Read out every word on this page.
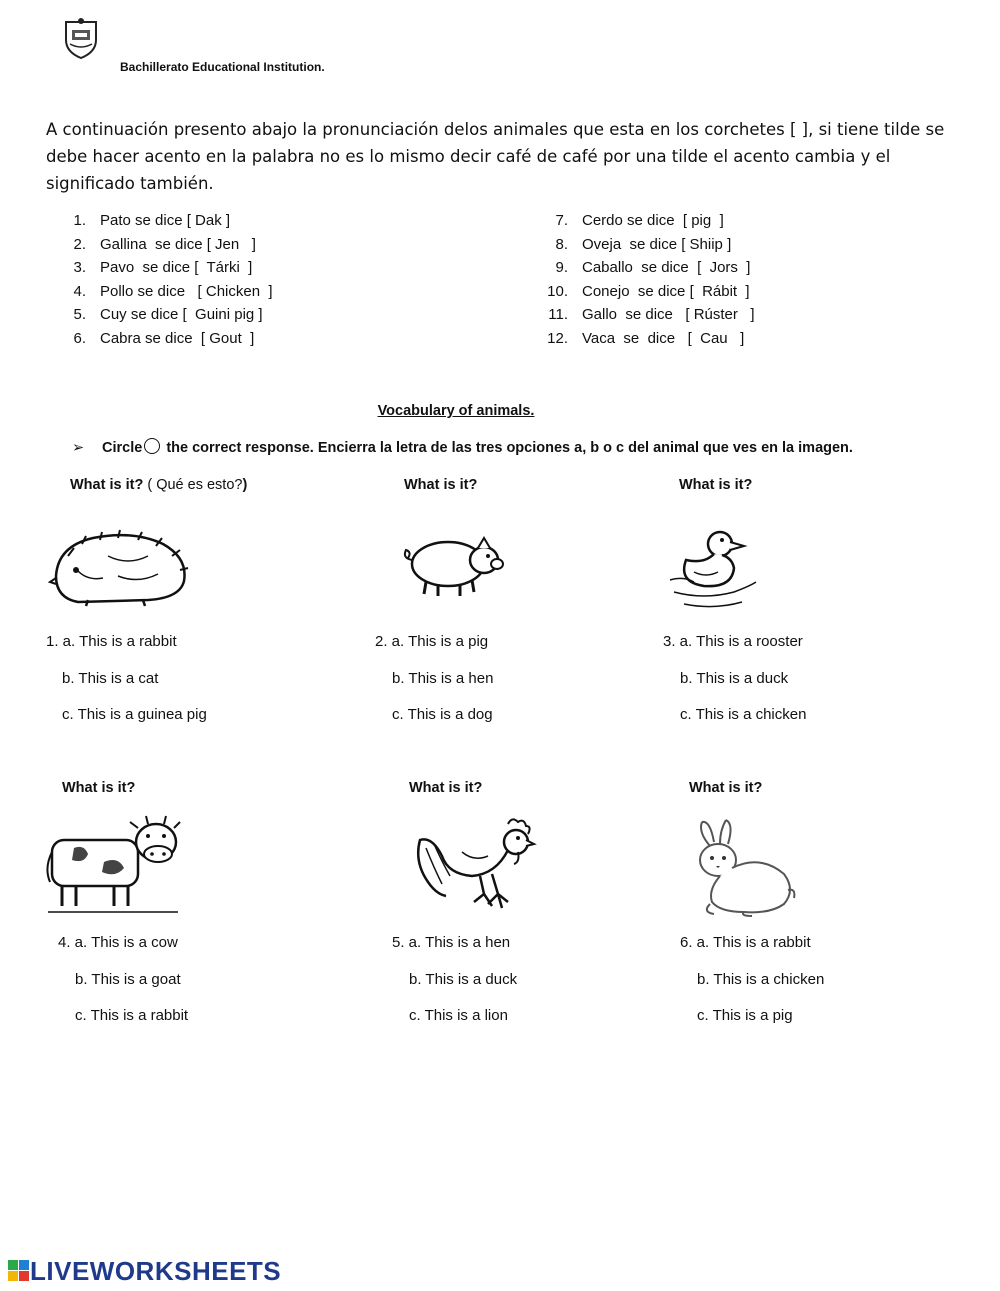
Bachillerato Educational Institution.
A continuación presento abajo la pronunciación delos animales que esta en los corchetes [ ], si tiene tilde se debe hacer acento en la palabra no es lo mismo decir café de café por una tilde el acento cambia y el significado también.
1. Pato se dice [ Dak ]
2. Gallina  se dice [ Jen   ]
3. Pavo  se dice [  Tárki  ]
4. Pollo se dice   [ Chicken  ]
5. Cuy se dice [  Guini pig ]
6. Cabra se dice  [ Gout  ]
7. Cerdo se dice  [ pig  ]
8. Oveja  se dice [ Shiip ]
9. Caballo  se dice  [  Jors  ]
10. Conejo  se dice [  Rábit  ]
11. Gallo  se dice   [ Rúster   ]
12. Vaca  se  dice   [  Cau   ]
Vocabulary of animals.
➢ Circle the correct response. Encierra la letra de las tres opciones a, b o c del animal que ves en la imagen.
What is it? ( Qué es esto?)	What is it?	What is it?
1. a. This is a rabbit
b. This is a cat
c. This is a guinea pig
2. a. This is a pig
b. This is a hen
c. This is a dog
3. a. This is a rooster
b. This is a duck
c. This is a chicken
What is it?	What is it?	What is it?
4. a. This is a cow
b. This is a goat
c. This is a rabbit
5. a. This is a hen
b. This is a duck
c. This is a lion
6. a. This is a rabbit
b. This is a chicken
c. This is a pig
LIVEWORKSHEETS
